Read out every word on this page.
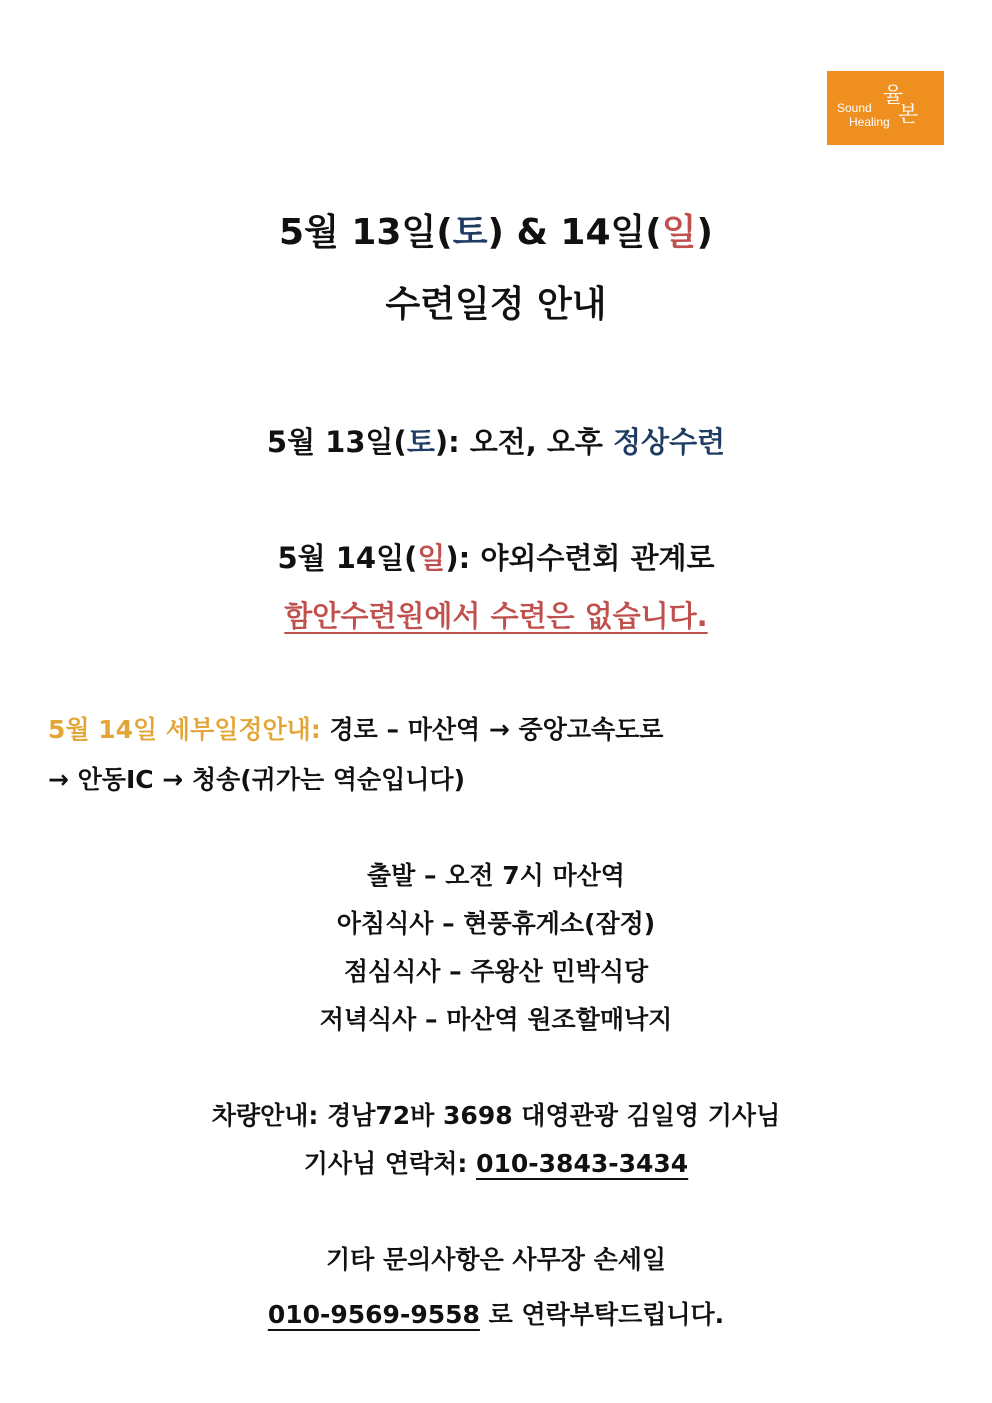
Sound
Healing
율
본
5월 13일(토) & 14일(일)
수련일정 안내
5월 13일(토): 오전, 오후 정상수련
5월 14일(일): 야외수련회 관계로
함안수련원에서 수련은 없습니다.
5월 14일 세부일정안내: 경로 – 마산역 → 중앙고속도로
→ 안동IC → 청송(귀가는 역순입니다)
출발 – 오전 7시 마산역
아침식사 – 현풍휴게소(잠정)
점심식사 – 주왕산 민박식당
저녁식사 – 마산역 원조할매낙지
차량안내: 경남72바 3698 대영관광 김일영 기사님
기사님 연락처: 010-3843-3434
기타 문의사항은 사무장 손세일
010-9569-9558 로 연락부탁드립니다.
